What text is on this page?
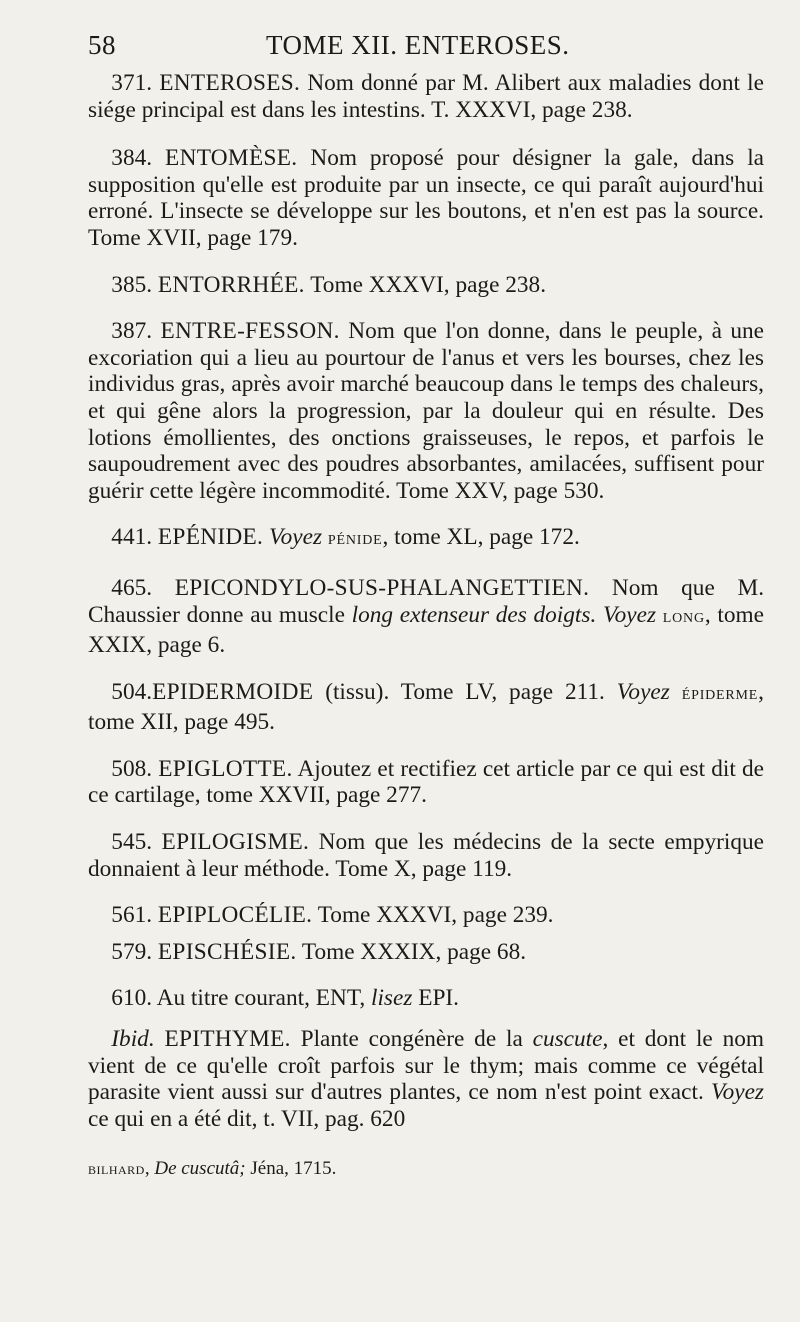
58	TOME XII. ENTEROSES.

 371. ENTEROSES. Nom donné par M. Alibert aux maladies dont le siége principal est dans les intestins. T. XXXVI, page 238.

 384. ENTOMÈSE. Nom proposé pour désigner la gale, dans la supposition qu'elle est produite par un insecte, ce qui paraît aujourd'hui erroné. L'insecte se développe sur les boutons, et n'en est pas la source. Tome XVII, page 179.

 385. ENTORRHÉE. Tome XXXVI, page 238.

 387. ENTRE-FESSON. Nom que l'on donne, dans le peuple, à une excoriation qui a lieu au pourtour de l'anus et vers les bourses, chez les individus gras, après avoir marché beaucoup dans le temps des chaleurs, et qui gêne alors la progression, par la douleur qui en résulte. Des lotions émollientes, des onctions graisseuses, le repos, et parfois le saupoudrement avec des poudres absorbantes, amilacées, suffisent pour guérir cette légère incommodité. Tome XXV, page 530.

 441. EPÉNIDE. Voyez PÉNIDE, tome XL, page 172.

 465. EPICONDYLO-SUS-PHALANGETTIEN. Nom que M. Chaussier donne au muscle long extenseur des doigts. Voyez LONG, tome XXIX, page 6.

 504.EPIDERMOIDE (tissu). Tome LV, page 211. Voyez ÉPIDERME, tome XII, page 495.

 508. EPIGLOTTE. Ajoutez et rectifiez cet article par ce qui est dit de ce cartilage, tome XXVII, page 277.

 545. EPILOGISME. Nom que les médecins de la secte empyrique donnaient à leur méthode. Tome X, page 119.

 561. EPIPLOCÉLIE. Tome XXXVI, page 239.

 579. EPISCHÉSIE. Tome XXXIX, page 68.

 610. Au titre courant, ENT, lisez EPI.

 Ibid. EPITHYME. Plante congénère de la cuscute, et dont le nom vient de ce qu'elle croît parfois sur le thym; mais comme ce végétal parasite vient aussi sur d'autres plantes, ce nom n'est point exact. Voyez ce qui en a été dit, t. VII, pag. 620

BILHARD, De cuscutâ; Jéna, 1715.
